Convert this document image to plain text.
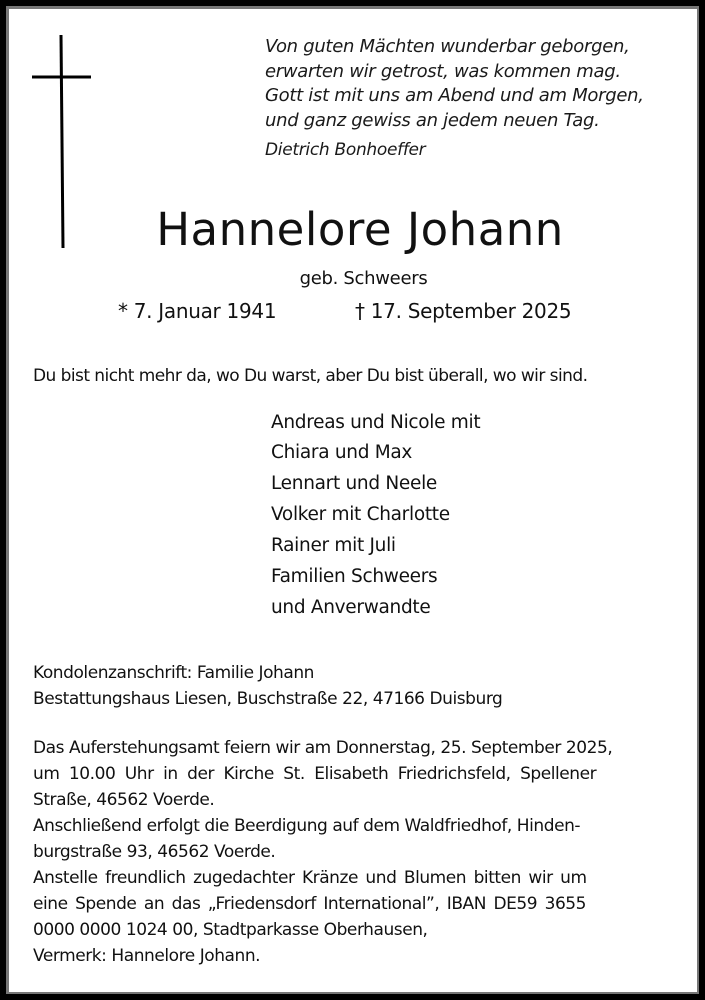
Von guten Mächten wunderbar geborgen,
erwarten wir getrost, was kommen mag.
Gott ist mit uns am Abend und am Morgen,
und ganz gewiss an jedem neuen Tag.
Dietrich Bonhoeffer
Hannelore Johann
geb. Schweers
* 7. Januar 1941	† 17. September 2025
Du bist nicht mehr da, wo Du warst, aber Du bist überall, wo wir sind.
Andreas und Nicole mit
Chiara und Max
Lennart und Neele
Volker mit Charlotte
Rainer mit Juli
Familien Schweers
und Anverwandte
Kondolenzanschrift: Familie Johann
Bestattungshaus Liesen, Buschstraße 22, 47166 Duisburg
Das Auferstehungsamt feiern wir am Donnerstag, 25. September 2025,
um 10.00 Uhr in der Kirche St. Elisabeth Friedrichsfeld, Spellener
Straße, 46562 Voerde.
Anschließend erfolgt die Beerdigung auf dem Waldfriedhof, Hinden-
burgstraße 93, 46562 Voerde.
Anstelle freundlich zugedachter Kränze und Blumen bitten wir um
eine Spende an das „Friedensdorf International”, IBAN DE59 3655
0000 0000 1024 00, Stadtparkasse Oberhausen,
Vermerk: Hannelore Johann.
